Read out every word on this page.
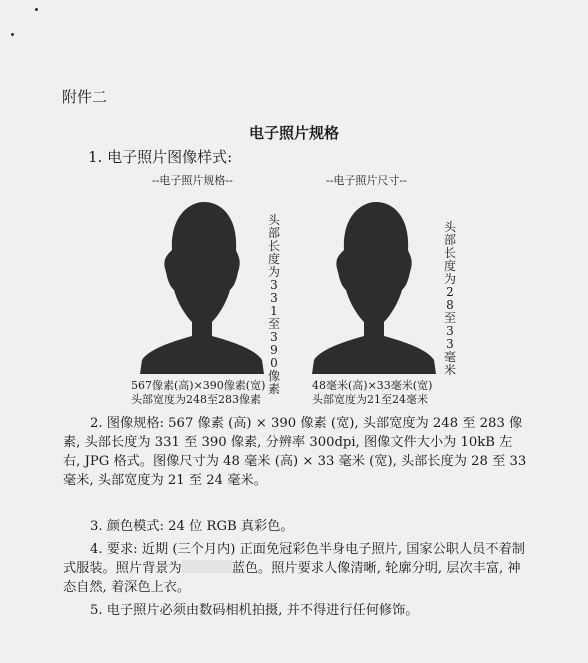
附件二
电子照片规格
1. 电子照片图像样式:
--电子照片规格--	--电子照片尺寸--
头部长度为331至390像素
头部长度为28至33毫米
567像素(高)×390像素(宽)
头部宽度为248至283像素
48毫米(高)×33毫米(宽)
头部宽度为21至24毫米
2. 图像规格: 567 像素 (高) × 390 像素 (宽), 头部宽度为 248 至 283 像素, 头部长度为 331 至 390 像素, 分辨率 300dpi, 图像文件大小为 10kB 左右, JPG 格式。图像尺寸为 48 毫米 (高) × 33 毫米 (宽), 头部长度为 28 至 33 毫米, 头部宽度为 21 至 24 毫米。
3. 颜色模式: 24 位 RGB 真彩色。
4. 要求: 近期 (三个月内) 正面免冠彩色半身电子照片, 国家公职人员不着制式服装。照片背景为	蓝色。照片要求人像清晰, 轮廓分明, 层次丰富, 神态自然, 着深色上衣。
5. 电子照片必须由数码相机拍摄, 并不得进行任何修饰。
